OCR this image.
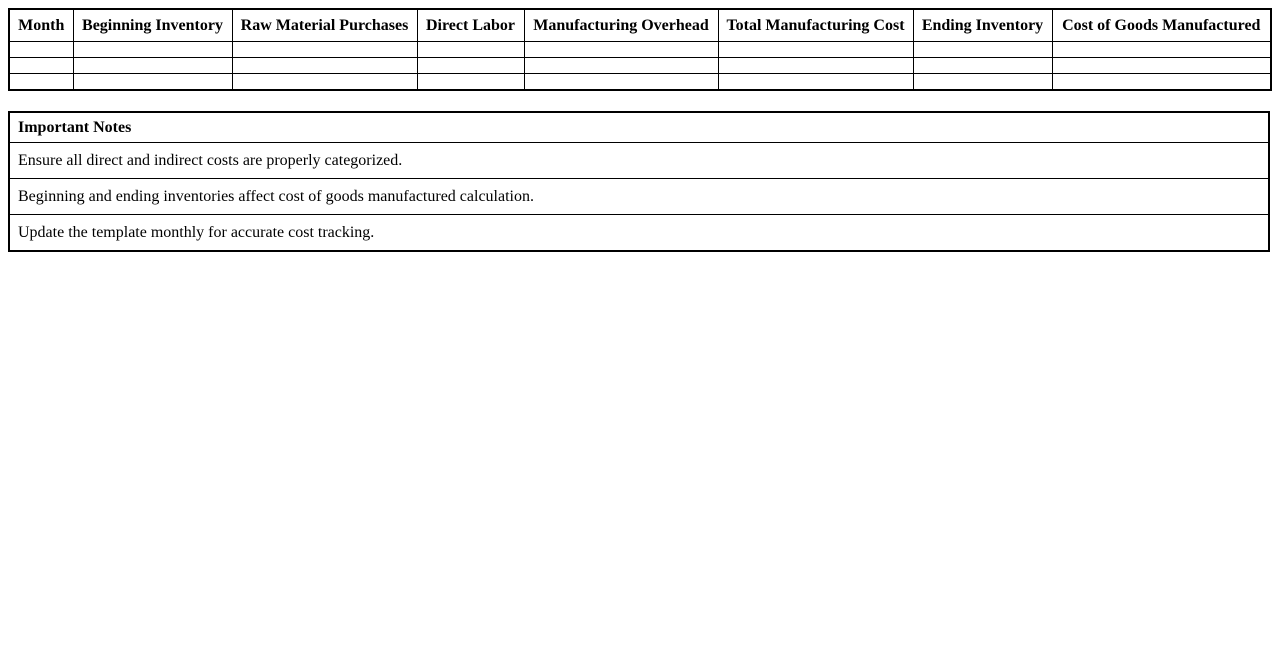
Month	Beginning Inventory	Raw Material Purchases	Direct Labor	Manufacturing Overhead	Total Manufacturing Cost	Ending Inventory	Cost of Goods Manufactured

Important Notes
Ensure all direct and indirect costs are properly categorized.
Beginning and ending inventories affect cost of goods manufactured calculation.
Update the template monthly for accurate cost tracking.
